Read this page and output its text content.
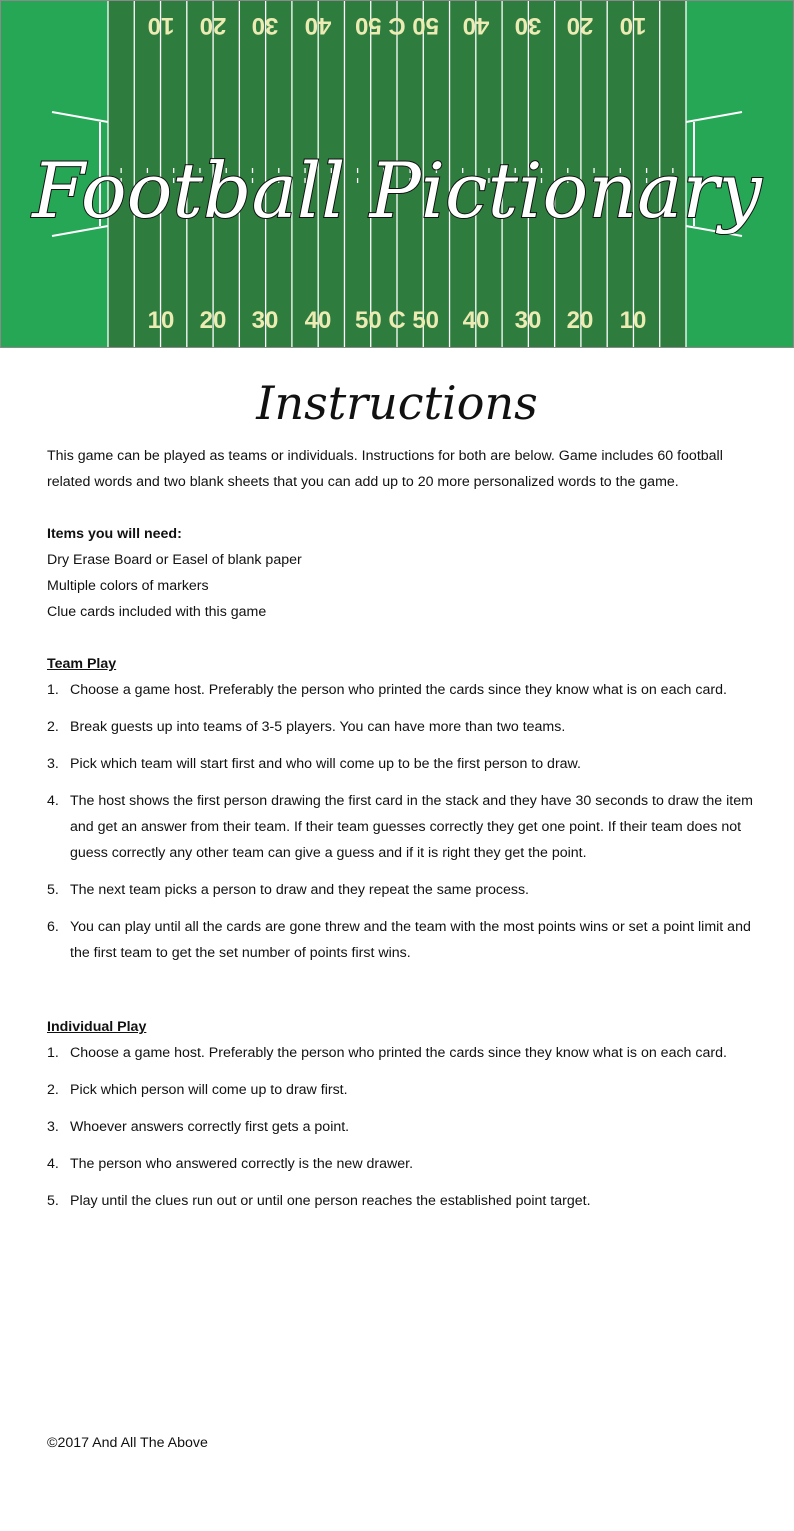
10 20 30 40 50 C 50 40 30 20 10
10 20 30 40 50 C 50 40 30 20 10
Football Pictionary
Instructions

This game can be played as teams or individuals. Instructions for both are below. Game includes 60 football related words and two blank sheets that you can add up to 20 more personalized words to the game.

Items you will need:
Dry Erase Board or Easel of blank paper
Multiple colors of markers
Clue cards included with this game
Team Play
1. Choose a game host. Preferably the person who printed the cards since they know what is on each card.
2. Break guests up into teams of 3-5 players. You can have more than two teams.
3. Pick which team will start first and who will come up to be the first person to draw.
4. The host shows the first person drawing the first card in the stack and they have 30 seconds to draw the item and get an answer from their team. If their team guesses correctly they get one point. If their team does not guess correctly any other team can give a guess and if it is right they get the point.
5. The next team picks a person to draw and they repeat the same process.
6. You can play until all the cards are gone threw and the team with the most points wins or set a point limit and the first team to get the set number of points first wins.
Individual Play
1. Choose a game host. Preferably the person who printed the cards since they know what is on each card.
2. Pick which person will come up to draw first.
3. Whoever answers correctly first gets a point.
4. The person who answered correctly is the new drawer.
5. Play until the clues run out or until one person reaches the established point target.
©2017 And All The Above
